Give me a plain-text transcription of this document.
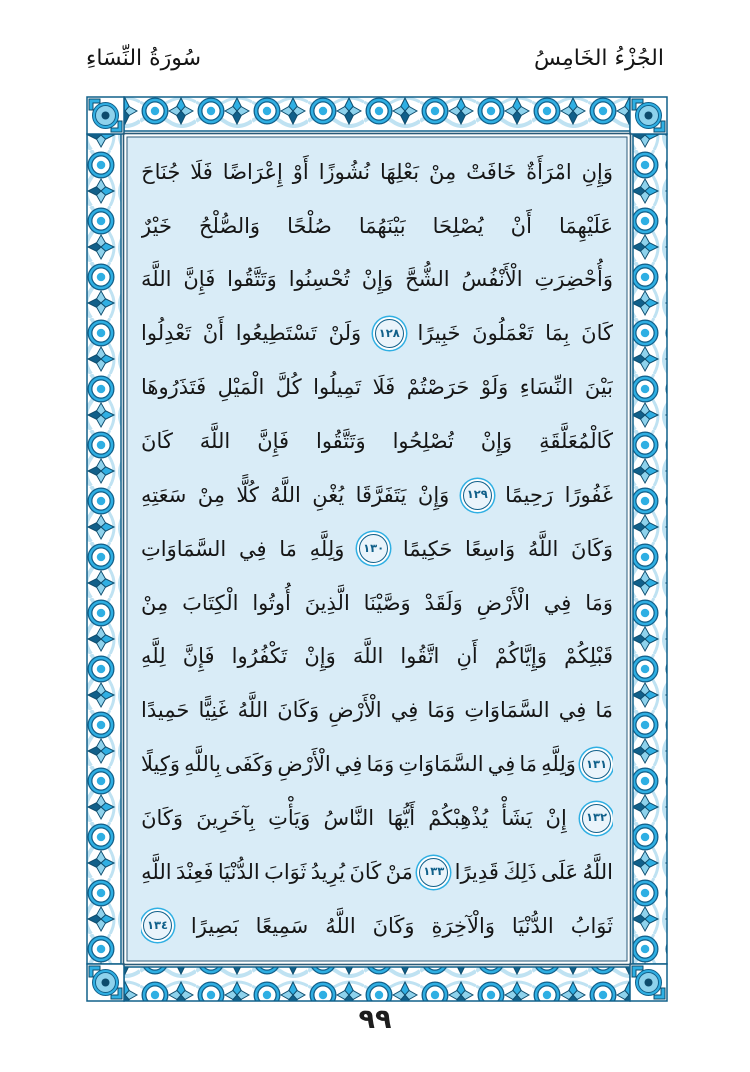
الجُزْءُ الخَامِسُ
سُورَةُ النِّسَاءِ
وَإِنِ
امْرَأَةٌ
خَافَتْ
مِنْ
بَعْلِهَا
نُشُوزًا
أَوْ
إِعْرَاضًا
فَلَا
جُنَاحَ
عَلَيْهِمَا
أَنْ
يُصْلِحَا
بَيْنَهُمَا
صُلْحًا
وَالصُّلْحُ
خَيْرٌ
وَأُحْضِرَتِ
الْأَنْفُسُ
الشُّحَّ
وَإِنْ
تُحْسِنُوا
وَتَتَّقُوا
فَإِنَّ
اللَّهَ
كَانَ
بِمَا
تَعْمَلُونَ
خَبِيرًا
١٢٨
وَلَنْ
تَسْتَطِيعُوا
أَنْ
تَعْدِلُوا
بَيْنَ
النِّسَاءِ
وَلَوْ
حَرَصْتُمْ
فَلَا
تَمِيلُوا
كُلَّ
الْمَيْلِ
فَتَذَرُوهَا
كَالْمُعَلَّقَةِ
وَإِنْ
تُصْلِحُوا
وَتَتَّقُوا
فَإِنَّ
اللَّهَ
كَانَ
غَفُورًا
رَحِيمًا
١٢٩
وَإِنْ
يَتَفَرَّقَا
يُغْنِ
اللَّهُ
كُلًّا
مِنْ
سَعَتِهِ
وَكَانَ
اللَّهُ
وَاسِعًا
حَكِيمًا
١٣٠
وَلِلَّهِ
مَا
فِي
السَّمَاوَاتِ
وَمَا
فِي
الْأَرْضِ
وَلَقَدْ
وَصَّيْنَا
الَّذِينَ
أُوتُوا
الْكِتَابَ
مِنْ
قَبْلِكُمْ
وَإِيَّاكُمْ
أَنِ
اتَّقُوا
اللَّهَ
وَإِنْ
تَكْفُرُوا
فَإِنَّ
لِلَّهِ
مَا
فِي
السَّمَاوَاتِ
وَمَا
فِي
الْأَرْضِ
وَكَانَ
اللَّهُ
غَنِيًّا
حَمِيدًا
١٣١
وَلِلَّهِ
مَا
فِي
السَّمَاوَاتِ
وَمَا
فِي
الْأَرْضِ
وَكَفَى
بِاللَّهِ
وَكِيلًا
١٣٢
إِنْ
يَشَأْ
يُذْهِبْكُمْ
أَيُّهَا
النَّاسُ
وَيَأْتِ
بِآخَرِينَ
وَكَانَ
اللَّهُ
عَلَى
ذَلِكَ
قَدِيرًا
١٣٣
مَنْ
كَانَ
يُرِيدُ
ثَوَابَ
الدُّنْيَا
فَعِنْدَ
اللَّهِ
ثَوَابُ
الدُّنْيَا
وَالْآخِرَةِ
وَكَانَ
اللَّهُ
سَمِيعًا
بَصِيرًا
١٣٤
٩٩
